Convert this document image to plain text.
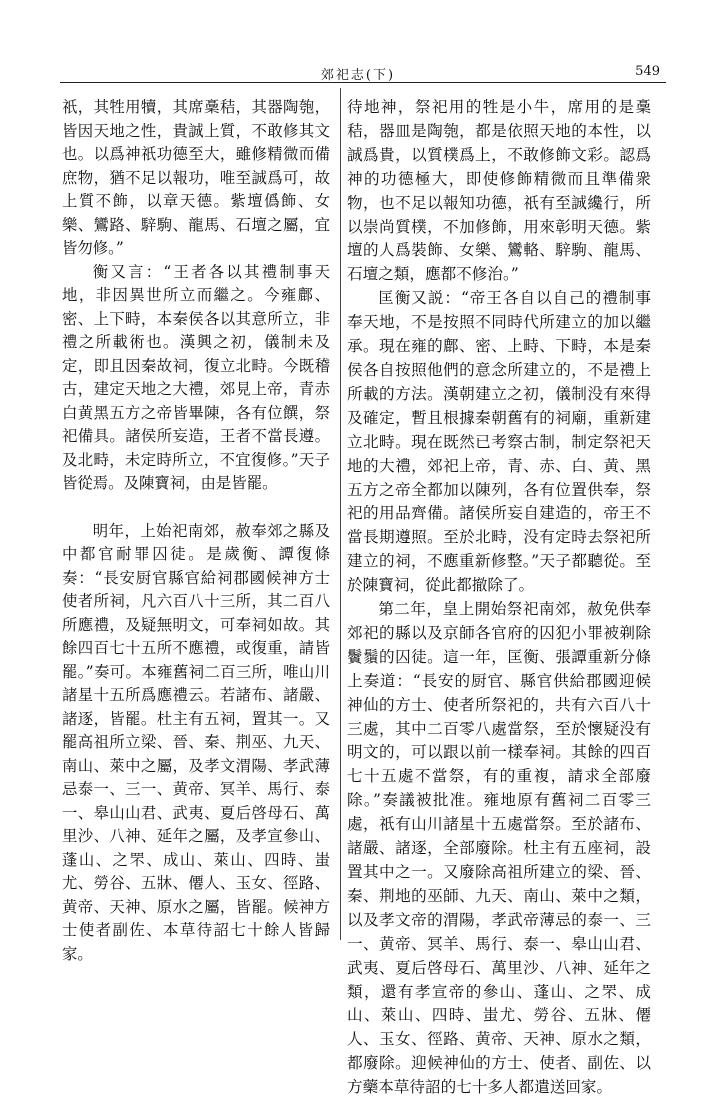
郊祀志(下)	549

祇，其牲用犢，其席稾秸，其器陶匏，皆因天地之性，貴誠上質，不敢修其文也。以爲神祇功德至大，雖修精微而備庶物，猶不足以報功，唯至誠爲可，故上質不飾，以章天德。紫壇僞飾、女樂、鸞路、騂駒、龍馬、石壇之屬，宜皆勿修。”

衡又言：“王者各以其禮制事天地，非因異世所立而繼之。今雍鄜、密、上下畤，本秦侯各以其意所立，非禮之所載術也。漢興之初，儀制未及定，即且因秦故祠，復立北畤。今既稽古，建定天地之大禮，郊見上帝，青赤白黄黑五方之帝皆畢陳，各有位饌，祭祀備具。諸侯所妄造，王者不當長遵。及北畤，未定時所立，不宜復修。”天子皆從焉。及陳寶祠，由是皆罷。

明年，上始祀南郊，赦奉郊之縣及中都官耐罪囚徒。是歲衡、譚復條奏：“長安厨官縣官給祠郡國候神方士使者所祠，凡六百八十三所，其二百八所應禮，及疑無明文，可奉祠如故。其餘四百七十五所不應禮，或復重，請皆罷。”奏可。本雍舊祠二百三所，唯山川諸星十五所爲應禮云。若諸布、諸嚴、諸逐，皆罷。杜主有五祠，置其一。又罷高祖所立梁、晉、秦、荆巫、九天、南山、萊中之屬，及孝文渭陽、孝武薄忌泰一、三一、黄帝、冥羊、馬行、泰一、皋山山君、武夷、夏后啓母石、萬里沙、八神、延年之屬，及孝宣參山、蓬山、之罘、成山、萊山、四時、蚩尤、勞谷、五牀、僊人、玉女、徑路、黄帝、天神、原水之屬，皆罷。候神方士使者副佐、本草待詔七十餘人皆歸家。

待地神，祭祀用的牲是小牛，席用的是稾秸，器皿是陶匏，都是依照天地的本性，以誠爲貴，以質樸爲上，不敢修飾文彩。認爲神的功德極大，即使修飾精微而且準備衆物，也不足以報知功德，祇有至誠纔行，所以崇尚質樸，不加修飾，用來彰明天德。紫壇的人爲裝飾、女樂、鸞輅、騂駒、龍馬、石壇之類，應都不修治。”

匡衡又説：“帝王各自以自己的禮制事奉天地，不是按照不同時代所建立的加以繼承。現在雍的鄜、密、上畤、下畤，本是秦侯各自按照他們的意念所建立的，不是禮上所載的方法。漢朝建立之初，儀制没有來得及確定，暫且根據秦朝舊有的祠廟，重新建立北畤。現在既然已考察古制，制定祭祀天地的大禮，郊祀上帝，青、赤、白、黄、黑五方之帝全都加以陳列，各有位置供奉，祭祀的用品齊備。諸侯所妄自建造的，帝王不當長期遵照。至於北畤，没有定時去祭祀所建立的祠，不應重新修整。”天子都聽從。至於陳寶祠，從此都撤除了。

第二年，皇上開始祭祀南郊，赦免供奉郊祀的縣以及京師各官府的囚犯小罪被剃除鬢鬚的囚徒。這一年，匡衡、張譚重新分條上奏道：“長安的厨官、縣官供給郡國迎候神仙的方士、使者所祭祀的，共有六百八十三處，其中二百零八處當祭，至於懷疑没有明文的，可以跟以前一樣奉祠。其餘的四百七十五處不當祭，有的重複，請求全部廢除。”奏議被批准。雍地原有舊祠二百零三處，祇有山川諸星十五處當祭。至於諸布、諸嚴、諸逐，全部廢除。杜主有五座祠，設置其中之一。又廢除高祖所建立的梁、晉、秦、荆地的巫師、九天、南山、萊中之類，以及孝文帝的渭陽，孝武帝薄忌的泰一、三一、黄帝、冥羊、馬行、泰一、皋山山君、武夷、夏后啓母石、萬里沙、八神、延年之類，還有孝宣帝的參山、蓬山、之罘、成山、萊山、四時、蚩尤、勞谷、五牀、僊人、玉女、徑路、黄帝、天神、原水之類，都廢除。迎候神仙的方士、使者、副佐、以方藥本草待詔的七十多人都遣送回家。
